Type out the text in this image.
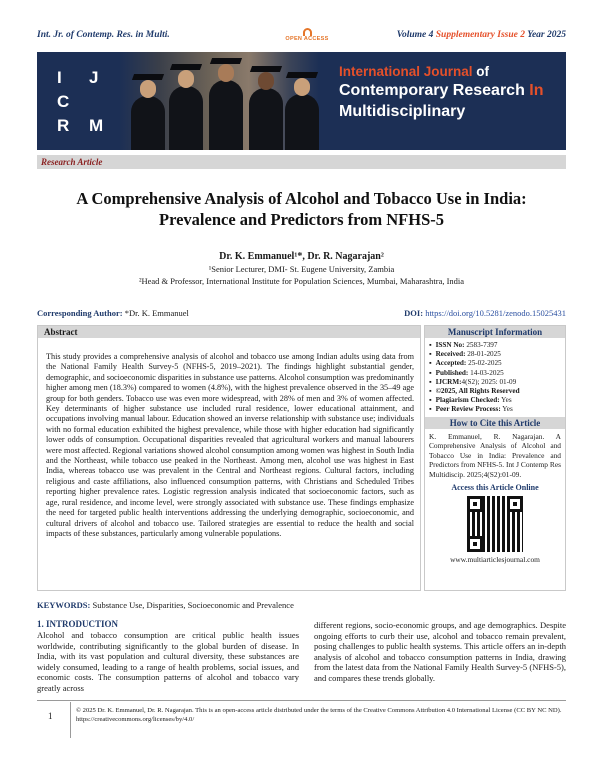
Int. Jr. of Contemp. Res. in Multi.	OPEN ACCESS	Volume 4 Supplementary Issue 2 Year 2025
I J
C
R M
International Journal of
Contemporary Research In
Multidisciplinary
Research Article
A Comprehensive Analysis of Alcohol and Tobacco Use in India: Prevalence and Predictors from NFHS-5
Dr. K. Emmanuel¹*, Dr. R. Nagarajan²
¹Senior Lecturer, DMI- St. Eugene University, Zambia
²Head & Professor, International Institute for Population Sciences, Mumbai, Maharashtra, India
Corresponding Author: *Dr. K. Emmanuel	DOI: https://doi.org/10.5281/zenodo.15025431
Abstract
This study provides a comprehensive analysis of alcohol and tobacco use among Indian adults using data from the National Family Health Survey-5 (NFHS-5, 2019–2021). The findings highlight substantial gender, demographic, and socioeconomic disparities in substance use patterns. Alcohol consumption was predominantly higher among men (18.3%) compared to women (4.8%), with the highest prevalence observed in the 35–49 age group for both genders. Tobacco use was even more widespread, with 28% of men and 3% of women affected. Key determinants of higher substance use included rural residence, lower educational attainment, and occupations involving manual labour. Education showed an inverse relationship with substance use; individuals with no formal education exhibited the highest prevalence, while those with higher education had significantly lower odds of consumption. Occupational disparities revealed that agricultural workers and manual labourers were most affected. Regional variations showed alcohol consumption among women was highest in South India and the Northeast, while tobacco use peaked in the Northeast. Among men, alcohol use was highest in East India, whereas tobacco use was prevalent in the Central and Northeast regions. Cultural factors, including religious and caste affiliations, also influenced consumption patterns, with Christians and Scheduled Tribes reporting higher prevalence rates. Logistic regression analysis indicated that socioeconomic factors, such as age, rural residence, and income level, were strongly associated with substance use. These findings emphasize the need for targeted public health interventions addressing the underlying demographic, socioeconomic, and cultural drivers of alcohol and tobacco use. Tailored strategies are essential to reduce the health and social impacts of these substances, particularly among vulnerable populations.
Manuscript Information
▪ ISSN No: 2583-7397
▪ Received: 28-01-2025
▪ Accepted: 25-02-2025
▪ Published: 14-03-2025
▪ IJCRM:4(S2); 2025: 01-09
▪ ©2025, All Rights Reserved
▪ Plagiarism Checked: Yes
▪ Peer Review Process: Yes
How to Cite this Article
K. Emmanuel, R. Nagarajan. A Comprehensive Analysis of Alcohol and Tobacco Use in India: Prevalence and Predictors from NFHS-5. Int J Contemp Res Multidiscip. 2025;4(S2):01-09.
Access this Article Online
www.multiarticlesjournal.com
KEYWORDS: Substance Use, Disparities, Socioeconomic and Prevalence
1. INTRODUCTION
Alcohol and tobacco consumption are critical public health issues worldwide, contributing significantly to the global burden of disease. In India, with its vast population and cultural diversity, these substances are widely consumed, leading to a range of health problems, social issues, and economic costs. The consumption patterns of alcohol and tobacco vary greatly across
different regions, socio-economic groups, and age demographics. Despite ongoing efforts to curb their use, alcohol and tobacco remain prevalent, posing challenges to public health systems. This article offers an in-depth analysis of alcohol and tobacco consumption patterns in India, drawing from the latest data from the National Family Health Survey-5 (NFHS-5), and compares these trends globally.
1
© 2025 Dr. K. Emmanuel, Dr. R. Nagarajan. This is an open-access article distributed under the terms of the Creative Commons Attribution 4.0 International License (CC BY NC ND). https://creativecommons.org/licenses/by/4.0/
